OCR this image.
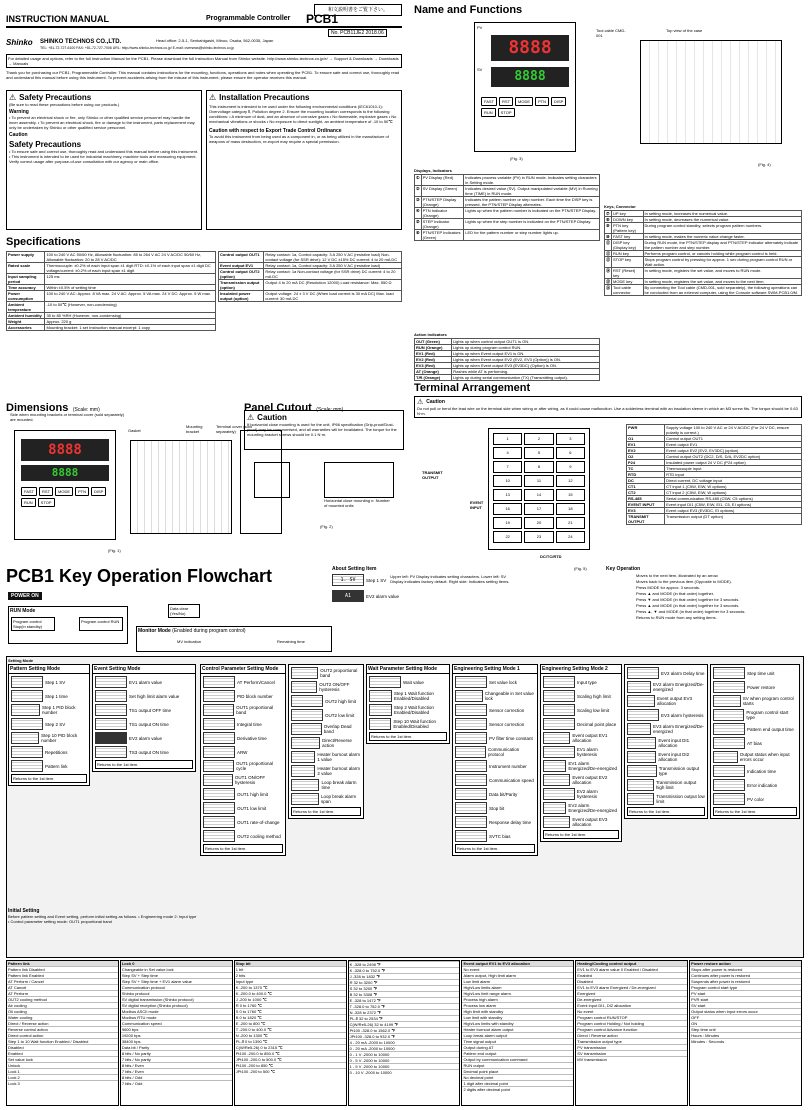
和文説明書をご覧下さい。
INSTRUCTION MANUAL	Programmable Controller PCB1
No. PCB11JE2 2018.06
Shinko SHINKO TECHNOS CO.,LTD.	Head office: 2-5-1, Senbahigashi, Minoo, Osaka, 562-0035, Japan
TEL: +81-72-727-6100 FAX: +81-72-727-7006 URL: http://www.shinko-technos.co.jp/ E-mail: overseas@shinko-technos.co.jp
For detailed usage and options, refer to the full Instruction Manual for the PCB1. Please download the full Instruction Manual from Shinko website. http://www.shinko-technos.co.jp/e/ → Support & Downloads → Downloads → Manuals
Thank you for purchasing our PCB1, Programmable Controller. This manual contains instructions for the mounting, functions, operations and notes when operating the PCB1. To ensure safe and correct use, thoroughly read and understand this manual before using this instrument. To prevent accidents arising from the misuse of this instrument, please ensure the operator receives this manual.
⚠ Safety Precautions
(Be sure to read these precautions before using our products.)
Warning
• To prevent an electrical shock or fire, only Shinko or other qualified service personnel may handle the inner assembly. • To prevent an electrical shock, fire or damage to the instrument, parts replacement may only be undertaken by Shinko or other qualified service personnel.
Caution
Safety Precautions
• To ensure safe and correct use, thoroughly read and understand this manual before using this instrument. • This instrument is intended to be used for industrial machinery, machine tools and measuring equipment. Verify correct usage after purpose-of-use consultation with our agency or main office.
⚠ Installation Precautions
This instrument is intended to be used under the following environmental conditions (IEC61010-1): Overvoltage category Ⅱ, Pollution degree 2. Ensure the mounting location corresponds to the following conditions: • A minimum of dust, and an absence of corrosive gases • No flammable, explosive gases • No mechanical vibrations or shocks • No exposure to direct sunlight, an ambient temperature of -10 to 50℃
Caution with respect to Export Trade Control Ordinance
To avoid this instrument from being used as a component in, or as being utilized in the manufacture of weapons of mass destruction, re-export may require a special permission.
Specifications
Power supply	100 to 240 V AC 50/60 Hz, Allowable fluctuation: 85 to 264 V AC 24 V AC/DC 50/60 Hz, Allowable fluctuation: 20 to 28 V AC/DC
Rated scale	Thermocouple: ±0.2% of each input span ±1 digit RTD: ±0.1% of each input span ±1 digit DC voltage/current: ±0.2% of each input span ±1 digit
Input sampling period	125 ms
Time accuracy	Within ±0.5% of setting time
Power consumption	100 to 240 V AC: Approx. 8 VA max. 24 V AC: Approx. 5 VA max. 24 V DC: Approx. 5 W max.
Ambient temperature	-10 to 50℃ (However, non-condensing)
Ambient humidity	35 to 85 %RH (However, non-condensing)
Weight	Approx. 220 g
Accessories	Mounting bracket: 1 set Instruction manual excerpt: 1 copy
Control output OUT1	Relay contact: 1a, Control capacity: 3 A 250 V AC (resistive load) Non-contact voltage (for SSR drive): 12 V DC ±15% DC current: 4 to 20 mA DC
Event output EV1	Relay contact: 1a, Control capacity: 3 A 250 V AC (resistive load)
Control output OUT2 (option)	Relay contact: 1a Non-contact voltage (for SSR drive) DC current: 4 to 20 mA DC
Transmission output (option)	Output 4 to 20 mA DC (Resolution 12000) Load resistance: Max. 550 Ω
Insulated power output (option)	Output voltage: 24 ± 3 V DC (When load current is 30 mA DC) Max. load current: 30 mA DC
Dimensions (Scale: mm)
Side when mounting brackets or terminal cover (sold separately) are mounted.
8888
8888
FAST	RST	MODE	PTN	DISP
RUN	STOP
Gasket
Mounting bracket
Terminal cover (sold separately)
(Fig. 1)
Panel Cutout (Scale: mm)
⚠ Caution
If horizontal close mounting is used for the unit, IP66 specification (Drip-proof/Dust-proof) may be compromised, and all warranties will be invalidated. The torque for the mounting bracket screws should be 0.1 N·m.
Horizontal close mounting n: Number of mounted units
(Fig. 2)
Name and Functions
PV
8888
SV	8888
FAST	RST	MODE	PTN	DISP
RUN	STOP
(Fig. 3)
Tool cable CMD-001
Top view of the case
(Fig. 4)
Displays, Indicators
①	PV Display (Red)	Indicates process variable (PV) in RUN mode. Indicates setting characters in Setting mode.
②	SV Display (Green)	Indicates desired value (SV). Output manipulated variable (MV) in Running time (TIME) in RUN mode.
③	PTN/STEP Display (Orange)	Indicates the pattern number or step number. Each time the DISP key is pressed, the PTN/STEP Display alternates.
④	PTN Indicator (Orange)	Lights up when the pattern number is indicated on the PTN/STEP Display.
⑤	STEP Indicator (Orange)	Lights up when the step number is indicated on the PTN/STEP Display.
⑥	PTN/STEP Indicators (Green)	LED for the pattern number or step number lights up.
Action indicators
OUT (Green)	Lights up when control output OUT1 is ON.
RUN (Orange)	Lights up during program control RUN.
EV1 (Red)	Lights up when Event output EV1 is ON.
EV2 (Red)	Lights up when Event output EV2 (EV2, EV3 (Option)) is ON.
EV3 (Red)	Lights up when Event output EV3 (EV3DC) (Option) is ON.
AT (Orange)	Flashes while AT is performing.
T/R (Orange)	Lights up during serial communication (TX) (Transmitting output).
Keys, Connector
⑦	UP key	In setting mode, increases the numerical value.
⑧	DOWN key	In setting mode, decreases the numerical value.
⑨	PTN key (Pattern key)	During program control standby, selects program pattern numbers.
⑩	FAST key	In setting mode, makes the numeric value change faster.
⑪	DISP key (Display key)	During RUN mode, the PTN/STEP display and PTN/STEP indicator alternately indicate the pattern number and step number.
⑫	RUN key	Performs program control, or cancels holding while program control is held.
⑬	STOP key	Stops program control by pressing for approx. 1 sec during program control RUN or Wait action.
⑭	RST (Reset) key	In setting mode, registers the set value, and moves to RUN mode.
⑮	MODE key	In setting mode, registers the set value, and moves to the next item.
⑯	Tool cable connector	By connecting the Tool cable (CMD-001, sold separately), the following operations can be conducted from an external computer, using the Console software SWM-PCB1.0/M.
Terminal Arrangement
⚠ Caution
Do not pull or bend the lead wire on the terminal side when wiring or after wiring, as it could cause malfunction. Use a solderless terminal with an insulation sleeve in which an M3 screw fits. The torque should be 0.63 N·m.
1	2	3
4	5	6
7	8	9
10	11	12
13	14	15
16	17	18
19	20	21
22	23	24
TRANSMIT OUTPUT
EVENT INPUT
DC/TC/RTD
(Fig. 5)
PWR	Supply voltage 100 to 240 V AC or 24 V AC/DC (For 24 V DC, ensure polarity is correct.)
O1	Control output OUT1
EV1	Event output EV1
EV2	Event output EV2 [EV2, EV3DC] (option)
O2	Control output OUT2 (DC2, D/S, D/A, EV2DC option)
P24	Insulated power output 24 V DC (P24 option)
TC	Thermocouple input
RTD	RTD input
DC	Direct current, DC voltage input
CT1	CT input 1 (C5W, EIW, W options)
CT2	CT input 2 (C5W, EIW, W options)
RS-485	Serial communication RS-485 (C5W, C5 options)
EVENT INPUT	Event input DI1 (C5W, EIW, EI1, C5, EI options)
EV3	Event output EV3 (EV3DC, EI options)
TRANSMIT OUTPUT	Transmission output (DT option)
PCB1 Key Operation Flowchart
POWER ON
RUN Mode
Program control Stop(in standby)
Program control RUN
Data clear (Yes/No)
Monitor Mode (Enabled during program control)
MV indication	Remaining time
About Setting Item
1. SV	Step 1 SV
Upper left: PV Display indicates setting characters. Lower left: SV Display indicates factory default. Right side: Indicates setting items.
A1	EV2 alarm value
Key Operation
Moves to the next item, illustrated by an arrow.
Moves back to the previous item (Opposite to MODE).
Press MODE for approx. 3 seconds.
Press ▲ and MODE (in that order) together.
Press ▼ and MODE (in that order) together for 3 seconds.
Press ▲ and MODE (in that order) together for 3 seconds.
Press ▲, ▼ and MODE (in that order) together for 3 seconds.
Returns to RUN mode from any setting items.
Setting Mode
Pattern Setting Mode
Step 1 SV
Step 1 time
Step 1 PID block number
Step 2 SV
Step 10 PID block number
Repetitions
Pattern link
Returns to the 1st item.
Event Setting Mode
EV1 alarm value
Set high limit alarm value
TS1 output OFF time
TS1 output ON time
EV2 alarm value
TS3 output ON time
Returns to the 1st item.
Control Parameter Setting Mode
AT Perform/Cancel
PID block number
OUT1 proportional band
Integral time
Derivative time
ARW
OUT1 proportional cycle
OUT1 ON/OFF hysteresis
OUT1 high limit
OUT1 low limit
OUT1 rate-of-change
OUT2 cooling method
Returns to the 1st item.
OUT2 proportional band
OUT2 ON/OFF hysteresis
OUT2 high limit
OUT2 low limit
Overlap Dead band
Direct/Reverse action
Heater burnout alarm 1 value
Heater burnout alarm 2 value
Loop break alarm time
Loop break alarm span
Returns to the 1st item.
Wait Parameter Setting Mode
Wait value
Step 1 Wait function Enabled/Disabled
Step 2 Wait function Enabled/Disabled
Step 10 Wait function Enabled/Disabled
Returns to the 1st item.
Engineering Setting Mode 1
Set value lock
Changeable in Set value lock
Sensor correction
Sensor correction
PV filter time constant
Communication protocol
Instrument number
Communication speed
Data bit/Parity
Stop bit
Response delay time
SVTC bias
Returns to the 1st item.
Engineering Setting Mode 2
Input type
Scaling high limit
Scaling low limit
Decimal point place
Event output EV1 allocation
EV1 alarm hysteresis
EV1 alarm Energized/De-energized
Event output EV2 allocation
EV2 alarm hysteresis
EV2 alarm Energized/De-energized
Event output EV3 allocation
Returns to the 1st item.
EV2 alarm Delay time
EV2 alarm Energized/De-energized
Event output EV3 allocation
EV3 alarm hysteresis
EV3 alarm Energized/De-energized
Event input DI1 allocation
Event input DI2 allocation
Transmission output type
Transmission output high limit
Transmission output low limit
Returns to the 1st item.
Step time unit
Power restore
SV when program control starts
Program control start type
Pattern end output time
AT bias
Output status when input errors occur
Indication time
Error indication
PV color
Returns to the 1st item.
Initial Setting
Before pattern setting and Event setting, perform initial setting as follows. • Engineering mode 2: Input type • Control parameter setting mode: OUT1 proportional band
Pattern link
Pattern link Disabled
Pattern link Enabled
AT Perform / Cancel
AT Cancel
AT Perform
OUT2 cooling method
Air cooling
Oil cooling
Water cooling
Direct / Reverse action
Reverse control action
Direct control action
Step 1 to 10 Wait function Enabled / Disabled
Disabled
Enabled
Set value lock
Unlock
Lock 1
Lock 2
Lock 3
Lock 0
Changeable in Set value lock
Step SV + Step time
Step SV + Step time + EV1 alarm value
Communication protocol
Shinko protocol
SV digital transmission (Shinko protocol)
SV digital reception (Shinko protocol)
Modbus ASCII mode
Modbus RTU mode
Communication speed
9600 bps
19200 bps
38400 bps
Data bit / Parity
8 bits / No parity
7 bits / No parity
8 bits / Even
7 bits / Even
8 bits / Odd
7 bits / Odd
Stop bit
1 bit
2 bits
Input type
K -200 to 1370 ℃
K -200.0 to 400.0 ℃
J -200 to 1000 ℃
R 0 to 1760 ℃
S 0 to 1760 ℃
B 0 to 1820 ℃
E -200 to 800 ℃
T -200.0 to 400.0 ℃
N -200 to 1300 ℃
PL-Ⅱ 0 to 1390 ℃
C(W/Re5-26) 0 to 2315 ℃
Pt100 -200.0 to 850.0 ℃
JPt100 -200.0 to 500.0 ℃
Pt100 -200 to 850 ℃
JPt100 -200 to 500 ℃
K -328 to 2498 ℉
K -328.0 to 752.0 ℉
J -328 to 1832 ℉
R 32 to 3200 ℉
S 32 to 3200 ℉
B 32 to 3308 ℉
E -328 to 1472 ℉
T -328.0 to 752.0 ℉
N -328 to 2372 ℉
PL-Ⅱ 32 to 2534 ℉
C(W/Re5-26) 32 to 4199 ℉
Pt100 -328.0 to 1562.0 ℉
JPt100 -328.0 to 932.0 ℉
4 - 20 mA -2000 to 10000
0 - 20 mA -2000 to 10000
0 - 1 V -2000 to 10000
0 - 5 V -2000 to 10000
1 - 5 V -2000 to 10000
0 - 10 V -2000 to 10000
Event output EV1 to EV3 allocation
No event
Alarm output, High limit alarm
Low limit alarm
High/Low limits alarm
High/Low limit range alarm
Process high alarm
Process low alarm
High limit with standby
Low limit with standby
High/Low limits with standby
Heater burnout alarm output
Loop break alarm output
Time signal output
Output during AT
Pattern end output
Output by communication command
RUN output
Decimal point place
No decimal point
1 digit after decimal point
2 digits after decimal point
Heating/Cooling control output
EV1 to EV3 alarm value 0 Enabled / Disabled
Enabled
Disabled
EV1 to EV3 alarm Energized / De-energized
Energized
De-energized
Event input DI1, DI2 allocation
No event
Program control RUN/STOP
Program control Holding / Not holding
Program control Advance function
Direct / Reverse action
Transmission output type
PV transmission
SV transmission
MV transmission
Power restore action
Stops after power is restored
Continues after power is restored
Suspends after power is restored
Program control start type
PV start
PVR start
SV start
Output status when input errors occur
OFF
ON
Step time unit
Hours : Minutes
Minutes : Seconds
